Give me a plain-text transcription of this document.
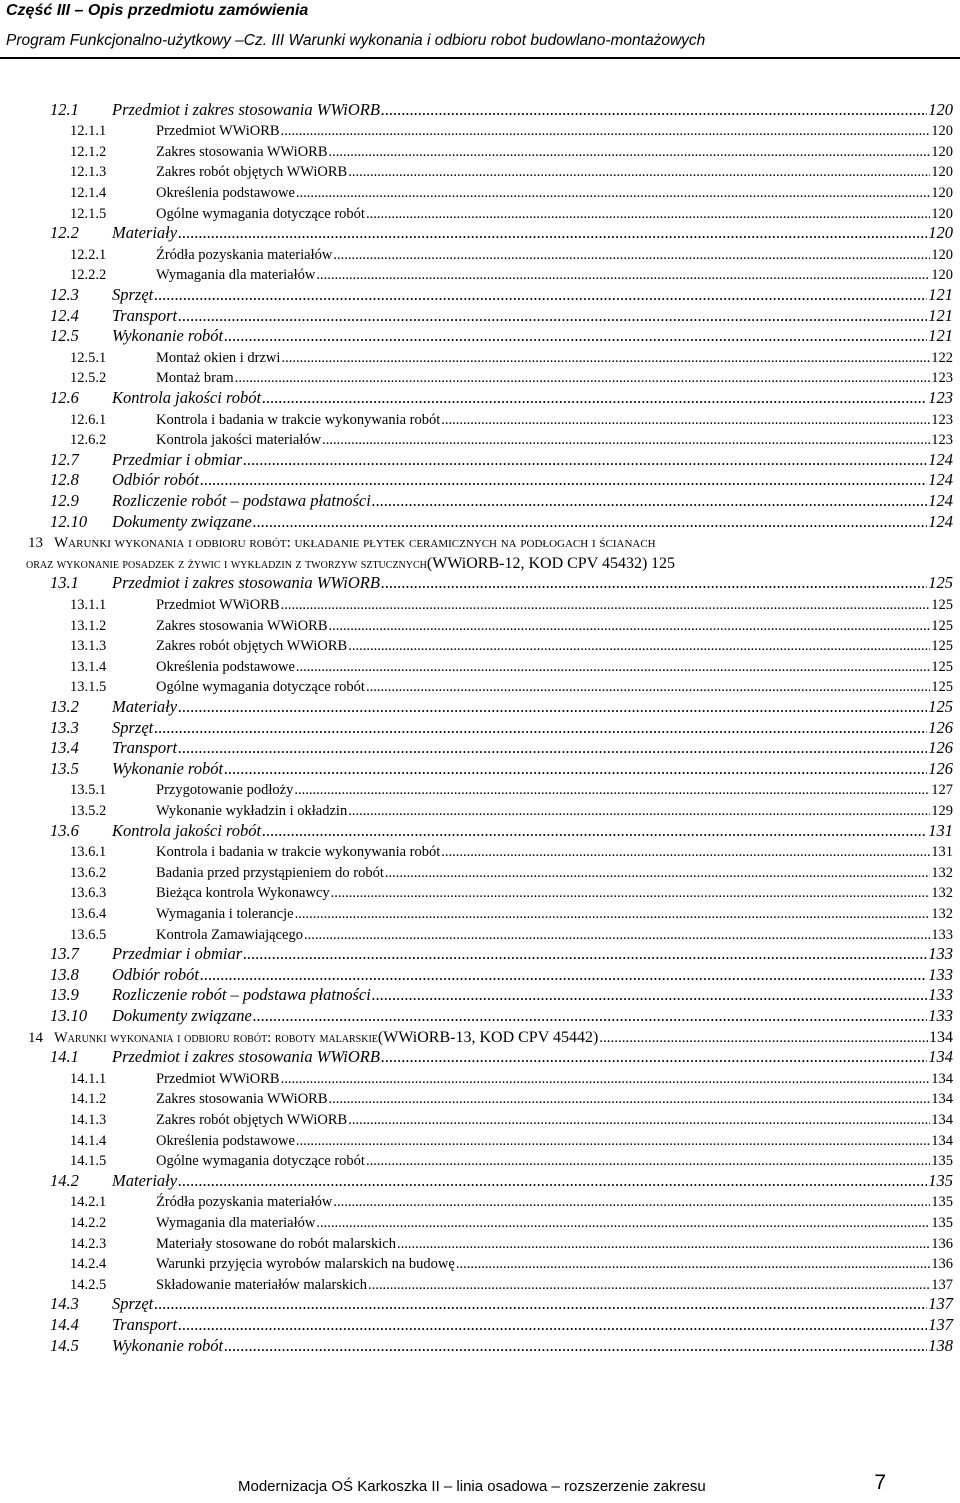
Część III – Opis przedmiotu zamówienia
Program Funkcjonalno-użytkowy –Cz. III Warunki wykonania i odbioru robot budowlano-montażowych
12.1 Przedmiot i zakres stosowania WWiORB .....	120
12.1.1	Przedmiot WWiORB .....	120
12.1.2	Zakres stosowania WWiORB .....	120
12.1.3	Zakres robót objętych WWiORB .....	120
12.1.4	Określenia podstawowe .....	120
12.1.5	Ogólne wymagania dotyczące robót .....	120
12.2 Materiały .....	120
12.2.1	Źródła pozyskania materiałów .....	120
12.2.2	Wymagania dla materiałów .....	120
12.3 Sprzęt .....	121
12.4 Transport .....	121
12.5 Wykonanie robót .....	121
12.5.1	Montaż okien i drzwi .....	122
12.5.2	Montaż bram .....	123
12.6 Kontrola jakości robót .....	123
12.6.1	Kontrola i badania w trakcie wykonywania robót .....	123
12.6.2	Kontrola jakości materiałów .....	123
12.7 Przedmiar i obmiar .....	124
12.8 Odbiór robót .....	124
12.9 Rozliczenie robót – podstawa płatności .....	124
12.10 Dokumenty związane .....	124
13 Warunki wykonania i odbioru robót: układanie płytek ceramicznych na podłogach i ścianach
oraz wykonanie posadzek z żywic i wykładzin z tworzyw sztucznych (WWiORB-12, KOD CPV 45432)
125
13.1 Przedmiot i zakres stosowania WWiORB .....	125
13.1.1	Przedmiot WWiORB .....	125
13.1.2	Zakres stosowania WWiORB .....	125
13.1.3	Zakres robót objętych WWiORB .....	125
13.1.4	Określenia podstawowe .....	125
13.1.5	Ogólne wymagania dotyczące robót .....	125
13.2 Materiały .....	125
13.3 Sprzęt .....	126
13.4 Transport .....	126
13.5 Wykonanie robót .....	126
13.5.1	Przygotowanie podłoży .....	127
13.5.2	Wykonanie wykładzin i okładzin .....	129
13.6 Kontrola jakości robót .....	131
13.6.1	Kontrola i badania w trakcie wykonywania robót .....	131
13.6.2	Badania przed przystąpieniem do robót .....	132
13.6.3	Bieżąca kontrola Wykonawcy .....	132
13.6.4	Wymagania i tolerancje .....	132
13.6.5	Kontrola Zamawiającego .....	133
13.7 Przedmiar i obmiar .....	133
13.8 Odbiór robót .....	133
13.9 Rozliczenie robót – podstawa płatności .....	133
13.10 Dokumenty związane .....	133
14 Warunki wykonania i odbioru robót: roboty malarskie (WWiORB-13, KOD CPV 45442) .....	134
14.1 Przedmiot i zakres stosowania WWiORB .....	134
14.1.1	Przedmiot WWiORB .....	134
14.1.2	Zakres stosowania WWiORB .....	134
14.1.3	Zakres robót objętych WWiORB .....	134
14.1.4	Określenia podstawowe .....	134
14.1.5	Ogólne wymagania dotyczące robót .....	135
14.2 Materiały .....	135
14.2.1	Źródła pozyskania materiałów .....	135
14.2.2	Wymagania dla materiałów .....	135
14.2.3	Materiały stosowane do robót malarskich .....	136
14.2.4	Warunki przyjęcia wyrobów malarskich na budowę .....	136
14.2.5	Składowanie materiałów malarskich .....	137
14.3 Sprzęt .....	137
14.4 Transport .....	137
14.5 Wykonanie robót .....	138
Modernizacja OŚ Karkoszka II – linia osadowa – rozszerzenie zakresu	7
